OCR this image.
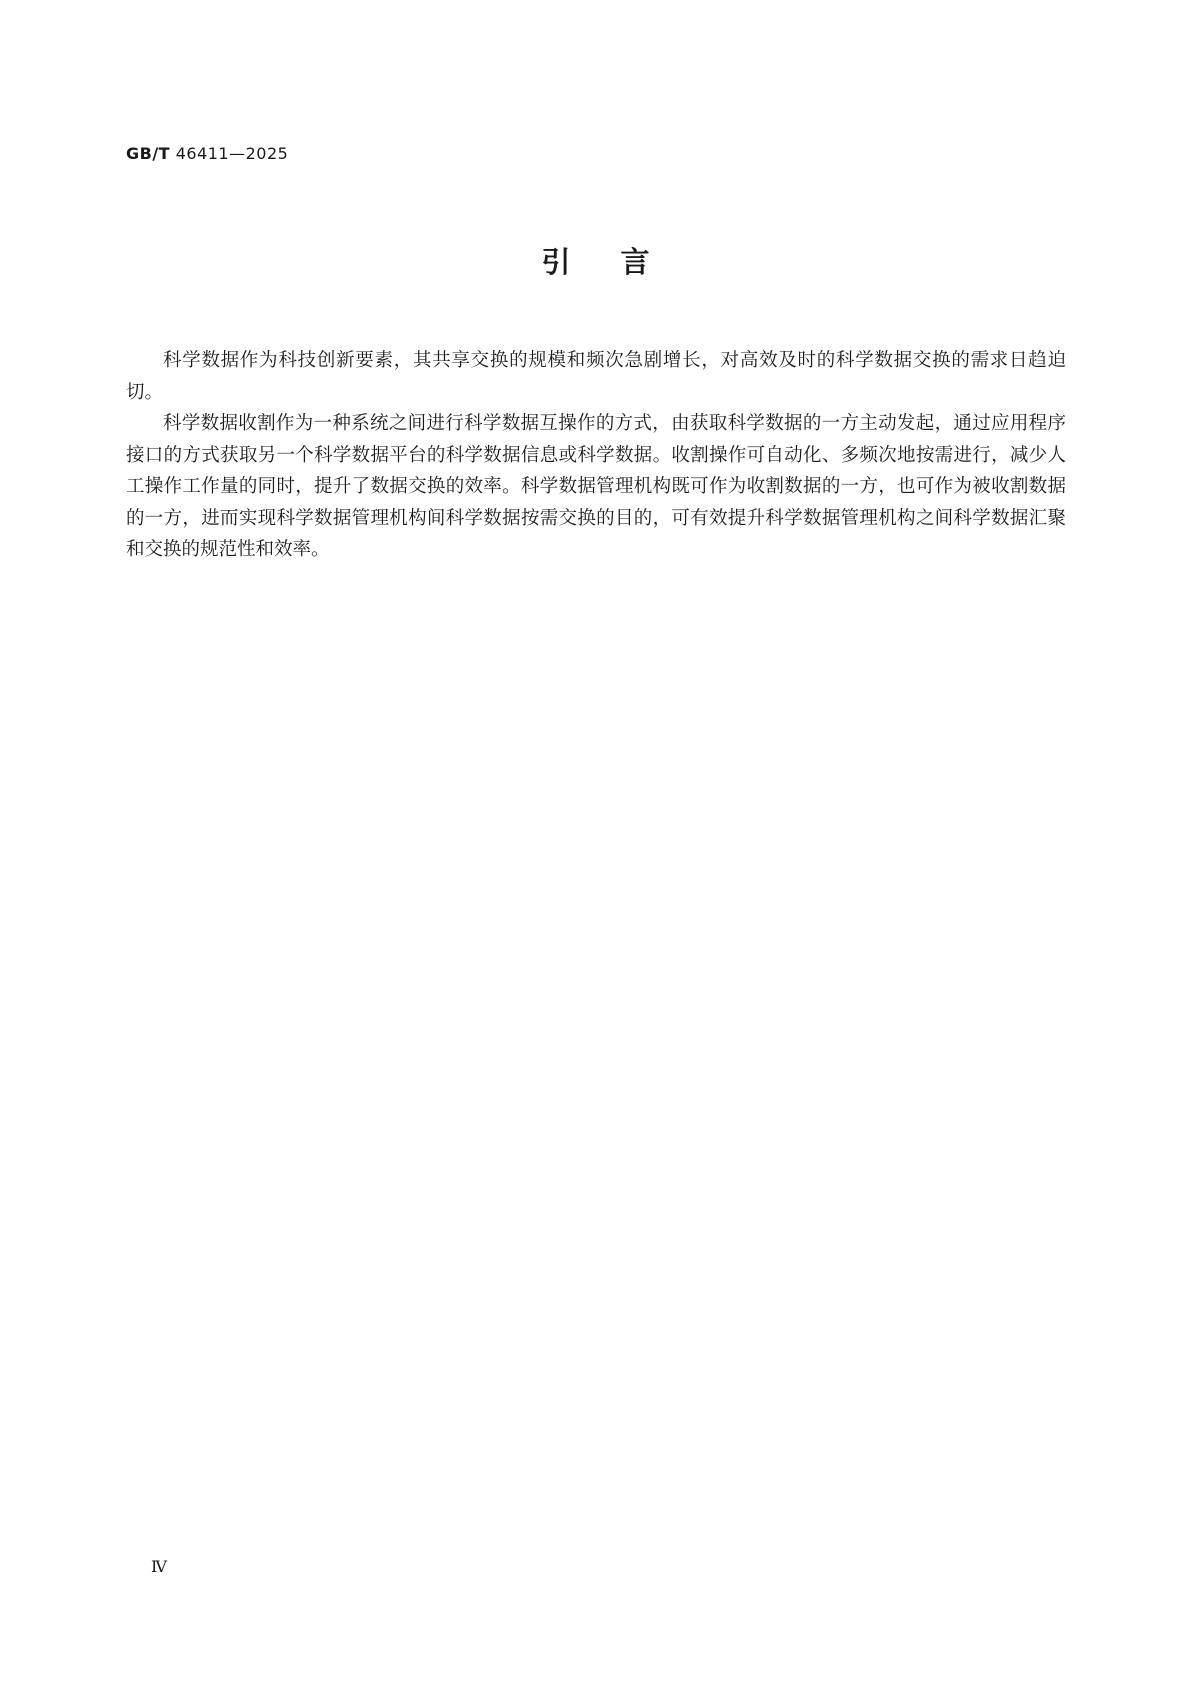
GB/T 46411—2025
引言

科学数据作为科技创新要素，其共享交换的规模和频次急剧增长，对高效及时的科学数据交换的需求日趋迫切。

科学数据收割作为一种系统之间进行科学数据互操作的方式，由获取科学数据的一方主动发起，通过应用程序接口的方式获取另一个科学数据平台的科学数据信息或科学数据。收割操作可自动化、多频次地按需进行，减少人工操作工作量的同时，提升了数据交换的效率。科学数据管理机构既可作为收割数据的一方，也可作为被收割数据的一方，进而实现科学数据管理机构间科学数据按需交换的目的，可有效提升科学数据管理机构之间科学数据汇聚和交换的规范性和效率。

Ⅳ
